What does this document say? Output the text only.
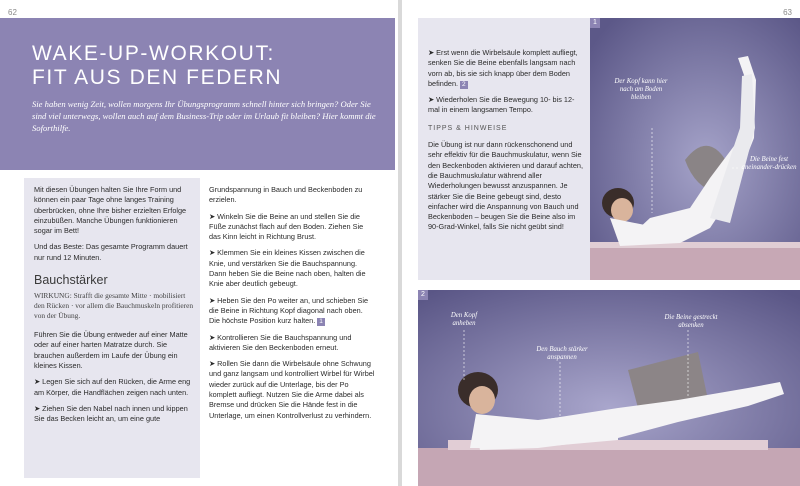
62
WAKE-UP-WORKOUT:
FIT AUS DEN FEDERN

Sie haben wenig Zeit, wollen morgens Ihr Übungsprogramm schnell hinter sich bringen? Oder Sie sind viel unterwegs, wollen auch auf dem Business-Trip oder im Urlaub fit bleiben? Hier kommt die Soforthilfe.

Mit diesen Übungen halten Sie Ihre Form und können ein paar Tage ohne langes Training überbrücken, ohne Ihre bisher erzielten Erfolge einzubüßen. Manche Übungen funktionieren sogar im Bett!

Und das Beste: Das gesamte Programm dauert nur rund 12 Minuten.

Bauchstärker
WIRKUNG: Strafft die gesamte Mitte · mobilisiert den Rücken · vor allem die Bauchmuskeln profitieren von der Übung.

Führen Sie die Übung entweder auf einer Matte oder auf einer harten Matratze durch. Sie brauchen außerdem im Laufe der Übung ein kleines Kissen.

➤ Legen Sie sich auf den Rücken, die Arme eng am Körper, die Handflächen zeigen nach unten.

➤ Ziehen Sie den Nabel nach innen und kippen Sie das Becken leicht an, um eine gute

Grundspannung in Bauch und Beckenboden zu erzielen.

➤ Winkeln Sie die Beine an und stellen Sie die Füße zunächst flach auf den Boden. Ziehen Sie das Kinn leicht in Richtung Brust.

➤ Klemmen Sie ein kleines Kissen zwischen die Knie, und verstärken Sie die Bauchspannung. Dann heben Sie die Beine nach oben, halten die Knie aber deutlich gebeugt.

➤ Heben Sie den Po weiter an, und schieben Sie die Beine in Richtung Kopf diagonal nach oben. Die höchste Position kurz halten. 1

➤ Kontrollieren Sie die Bauchspannung und aktivieren Sie den Beckenboden erneut.

➤ Rollen Sie dann die Wirbelsäule ohne Schwung und ganz langsam und kontrolliert Wirbel für Wirbel wieder zurück auf die Unterlage, bis der Po komplett aufliegt. Nutzen Sie die Arme dabei als Bremse und drücken Sie die Hände fest in die Unterlage, um einen Kontrollverlust zu verhindern.

63

➤ Erst wenn die Wirbelsäule komplett aufliegt, senken Sie die Beine ebenfalls langsam nach vorn ab, bis sie sich knapp über dem Boden befinden. 2

➤ Wiederholen Sie die Bewegung 10- bis 12-mal in einem langsamen Tempo.

TIPPS & HINWEISE

Die Übung ist nur dann rückenschonend und sehr effektiv für die Bauchmuskulatur, wenn Sie den Beckenboden aktivieren und darauf achten, die Bauchmuskulatur während aller Wiederholungen bewusst anzuspannen. Je stärker Sie die Beine gebeugt sind, desto einfacher wird die Anspannung von Bauch und Beckenboden – beugen Sie die Beine also im 90-Grad-Winkel, falls Sie nicht geübt sind!

1
Der Kopf kann hier nach am Boden bleiben
Die Beine fest aneinander-drücken
2
Den Kopf anheben
Den Bauch stärker anspannen
Die Beine gestreckt absenken
